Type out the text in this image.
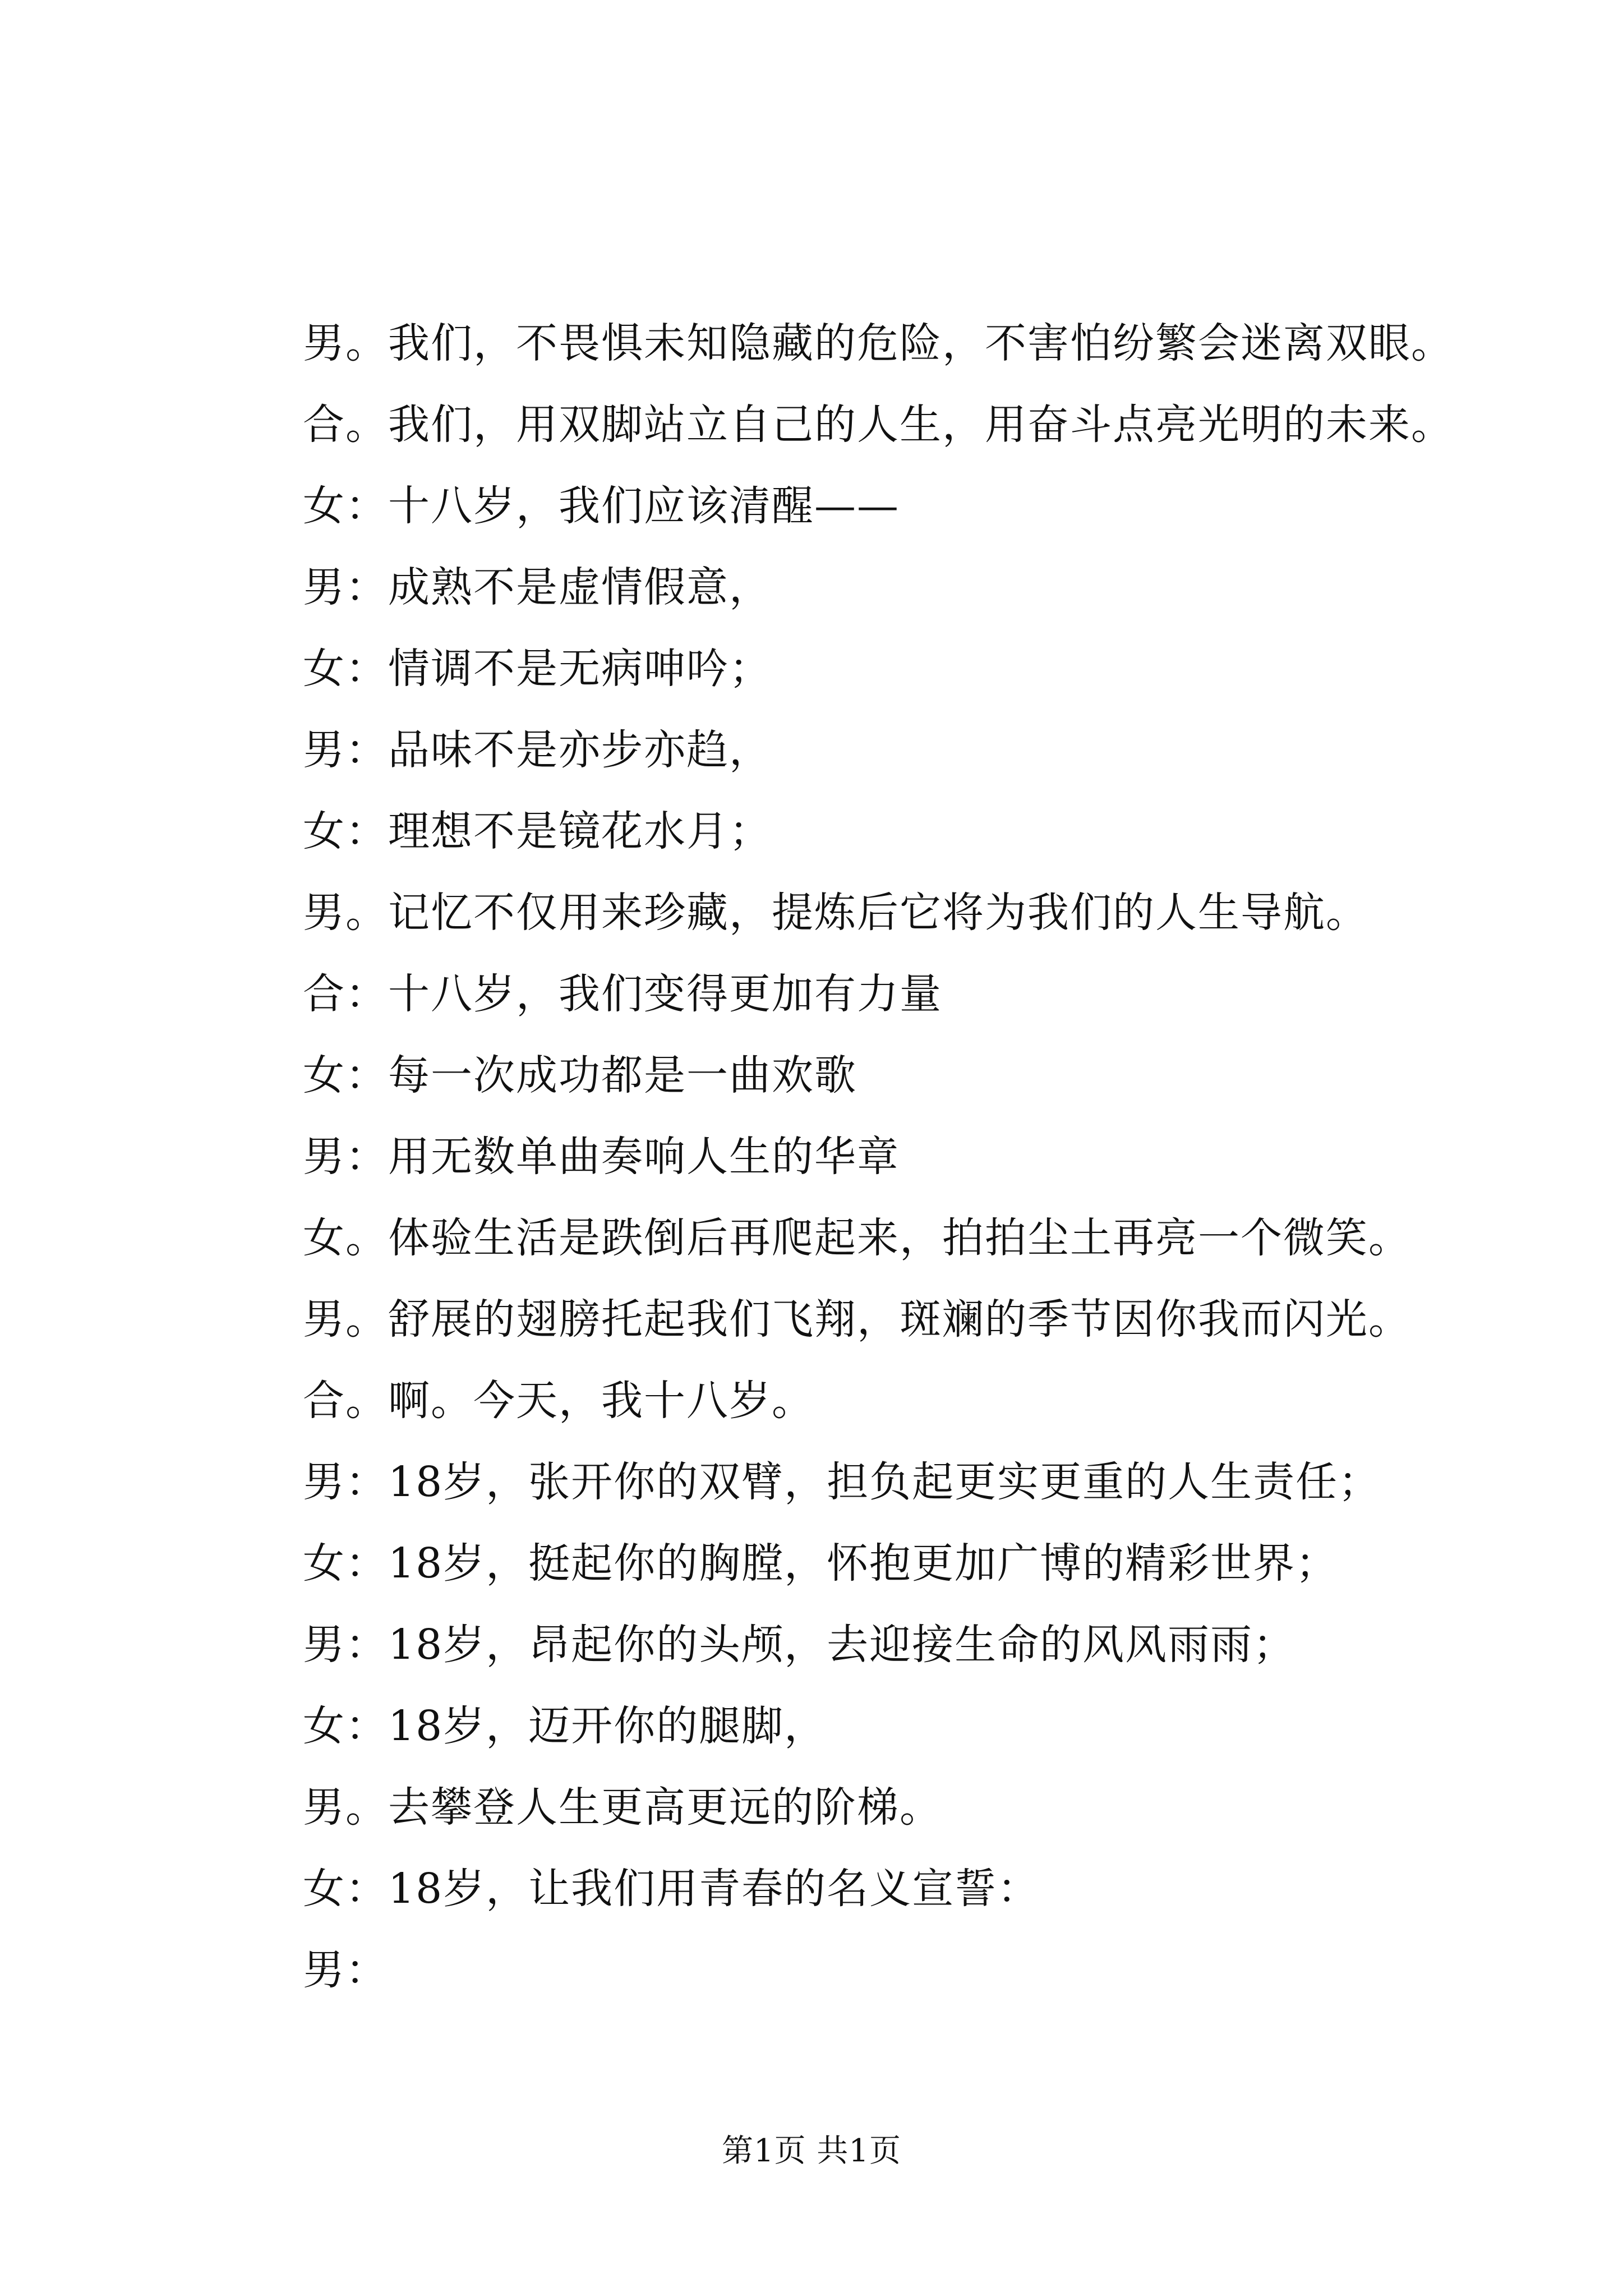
男。我们，不畏惧未知隐藏的危险，不害怕纷繁会迷离双眼。
合。我们，用双脚站立自己的人生，用奋斗点亮光明的未来。
女：十八岁，我们应该清醒——
男：成熟不是虚情假意，
女：情调不是无病呻吟；
男：品味不是亦步亦趋，
女：理想不是镜花水月；
男。记忆不仅用来珍藏，提炼后它将为我们的人生导航。
合：十八岁，我们变得更加有力量
女：每一次成功都是一曲欢歌
男：用无数单曲奏响人生的华章
女。体验生活是跌倒后再爬起来，拍拍尘土再亮一个微笑。
男。舒展的翅膀托起我们飞翔，斑斓的季节因你我而闪光。
合。啊。今天，我十八岁。
男：18岁，张开你的双臂，担负起更实更重的人生责任；
女：18岁，挺起你的胸膛，怀抱更加广博的精彩世界；
男：18岁，昂起你的头颅，去迎接生命的风风雨雨；
女：18岁，迈开你的腿脚，
男。去攀登人生更高更远的阶梯。
女：18岁，让我们用青春的名义宣誓：
男：
第1页 共1页
